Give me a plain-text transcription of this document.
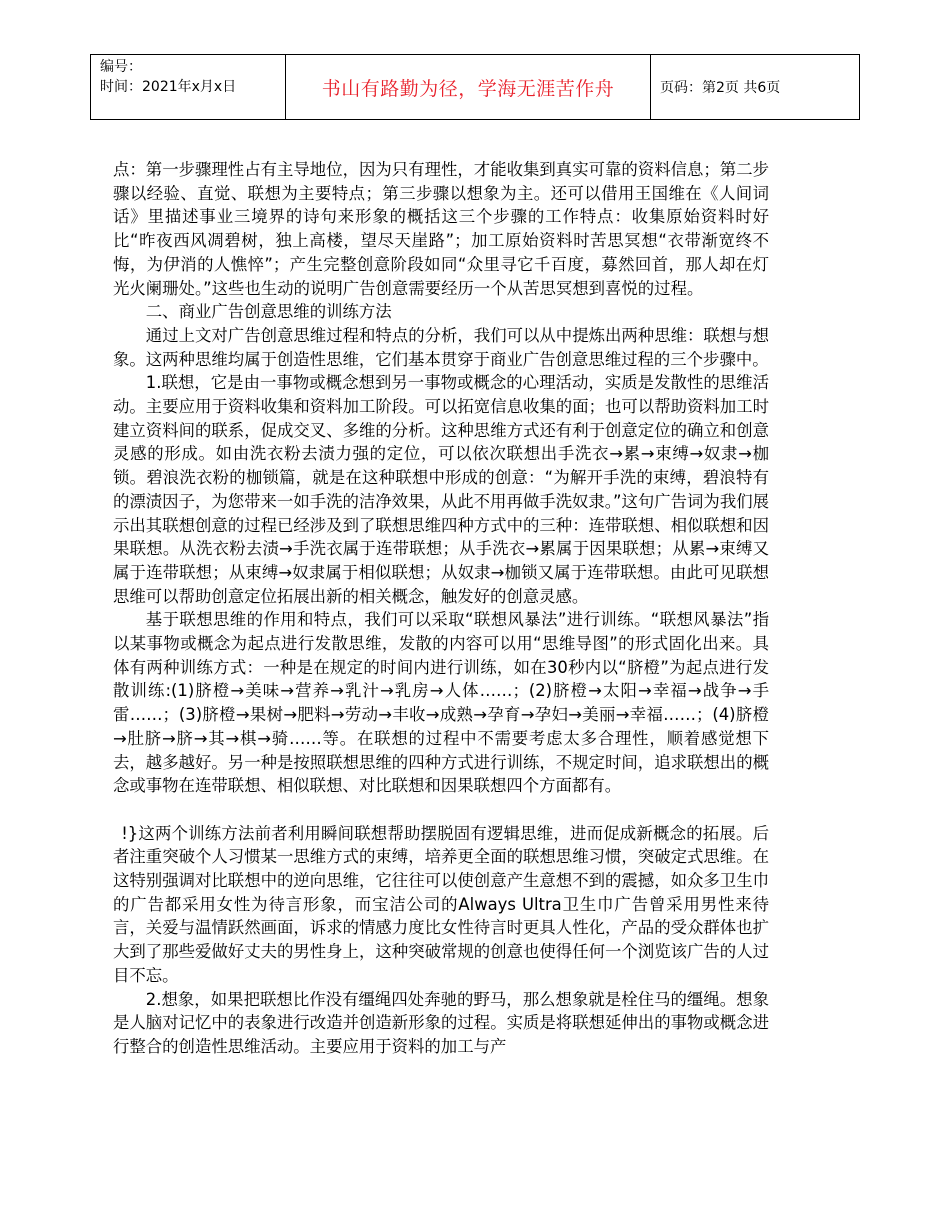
编号：
时间：2021年x月x日	书山有路勤为径，学海无涯苦作舟	页码：第2页 共6页

点：第一步骤理性占有主导地位，因为只有理性，才能收集到真实可靠的资料信息；第二步骤以经验、直觉、联想为主要特点；第三步骤以想象为主。还可以借用王国维在《人间词话》里描述事业三境界的诗句来形象的概括这三个步骤的工作特点：收集原始资料时好比“昨夜西风凋碧树，独上高楼，望尽天崖路”；加工原始资料时苦思冥想“衣带渐宽终不悔，为伊消的人憔悴”；产生完整创意阶段如同“众里寻它千百度，募然回首，那人却在灯光火阑珊处。”这些也生动的说明广告创意需要经历一个从苦思冥想到喜悦的过程。

二、商业广告创意思维的训练方法

通过上文对广告创意思维过程和特点的分析，我们可以从中提炼出两种思维：联想与想象。这两种思维均属于创造性思维，它们基本贯穿于商业广告创意思维过程的三个步骤中。

1.联想，它是由一事物或概念想到另一事物或概念的心理活动，实质是发散性的思维活动。主要应用于资料收集和资料加工阶段。可以拓宽信息收集的面；也可以帮助资料加工时建立资料间的联系，促成交叉、多维的分析。这种思维方式还有利于创意定位的确立和创意灵感的形成。如由洗衣粉去渍力强的定位，可以依次联想出手洗衣→累→束缚→奴隶→枷锁。碧浪洗衣粉的枷锁篇，就是在这种联想中形成的创意：“为解开手洗的束缚，碧浪特有的漂渍因子，为您带来一如手洗的洁净效果，从此不用再做手洗奴隶。”这句广告词为我们展示出其联想创意的过程已经涉及到了联想思维四种方式中的三种：连带联想、相似联想和因果联想。从洗衣粉去渍→手洗衣属于连带联想；从手洗衣→累属于因果联想；从累→束缚又属于连带联想；从束缚→奴隶属于相似联想；从奴隶→枷锁又属于连带联想。由此可见联想思维可以帮助创意定位拓展出新的相关概念，触发好的创意灵感。

基于联想思维的作用和特点，我们可以采取“联想风暴法”进行训练。“联想风暴法”指以某事物或概念为起点进行发散思维，发散的内容可以用“思维导图”的形式固化出来。具体有两种训练方式：一种是在规定的时间内进行训练，如在30秒内以“脐橙”为起点进行发散训练:(1)脐橙→美味→营养→乳汁→乳房→人体……；(2)脐橙→太阳→幸福→战争→手雷……；(3)脐橙→果树→肥料→劳动→丰收→成熟→孕育→孕妇→美丽→幸福……；(4)脐橙→肚脐→脐→其→棋→骑……等。在联想的过程中不需要考虑太多合理性，顺着感觉想下去，越多越好。另一种是按照联想思维的四种方式进行训练，不规定时间，追求联想出的概念或事物在连带联想、相似联想、对比联想和因果联想四个方面都有。

!}这两个训练方法前者利用瞬间联想帮助摆脱固有逻辑思维，进而促成新概念的拓展。后者注重突破个人习惯某一思维方式的束缚，培养更全面的联想思维习惯，突破定式思维。在这特别强调对比联想中的逆向思维，它往往可以使创意产生意想不到的震撼，如众多卫生巾的广告都采用女性为待言形象，而宝洁公司的Always Ultra卫生巾广告曾采用男性来待言，关爱与温情跃然画面，诉求的情感力度比女性待言时更具人性化，产品的受众群体也扩大到了那些爱做好丈夫的男性身上，这种突破常规的创意也使得任何一个浏览该广告的人过目不忘。

2.想象，如果把联想比作没有缰绳四处奔驰的野马，那么想象就是栓住马的缰绳。想象是人脑对记忆中的表象进行改造并创造新形象的过程。实质是将联想延伸出的事物或概念进行整合的创造性思维活动。主要应用于资料的加工与产
